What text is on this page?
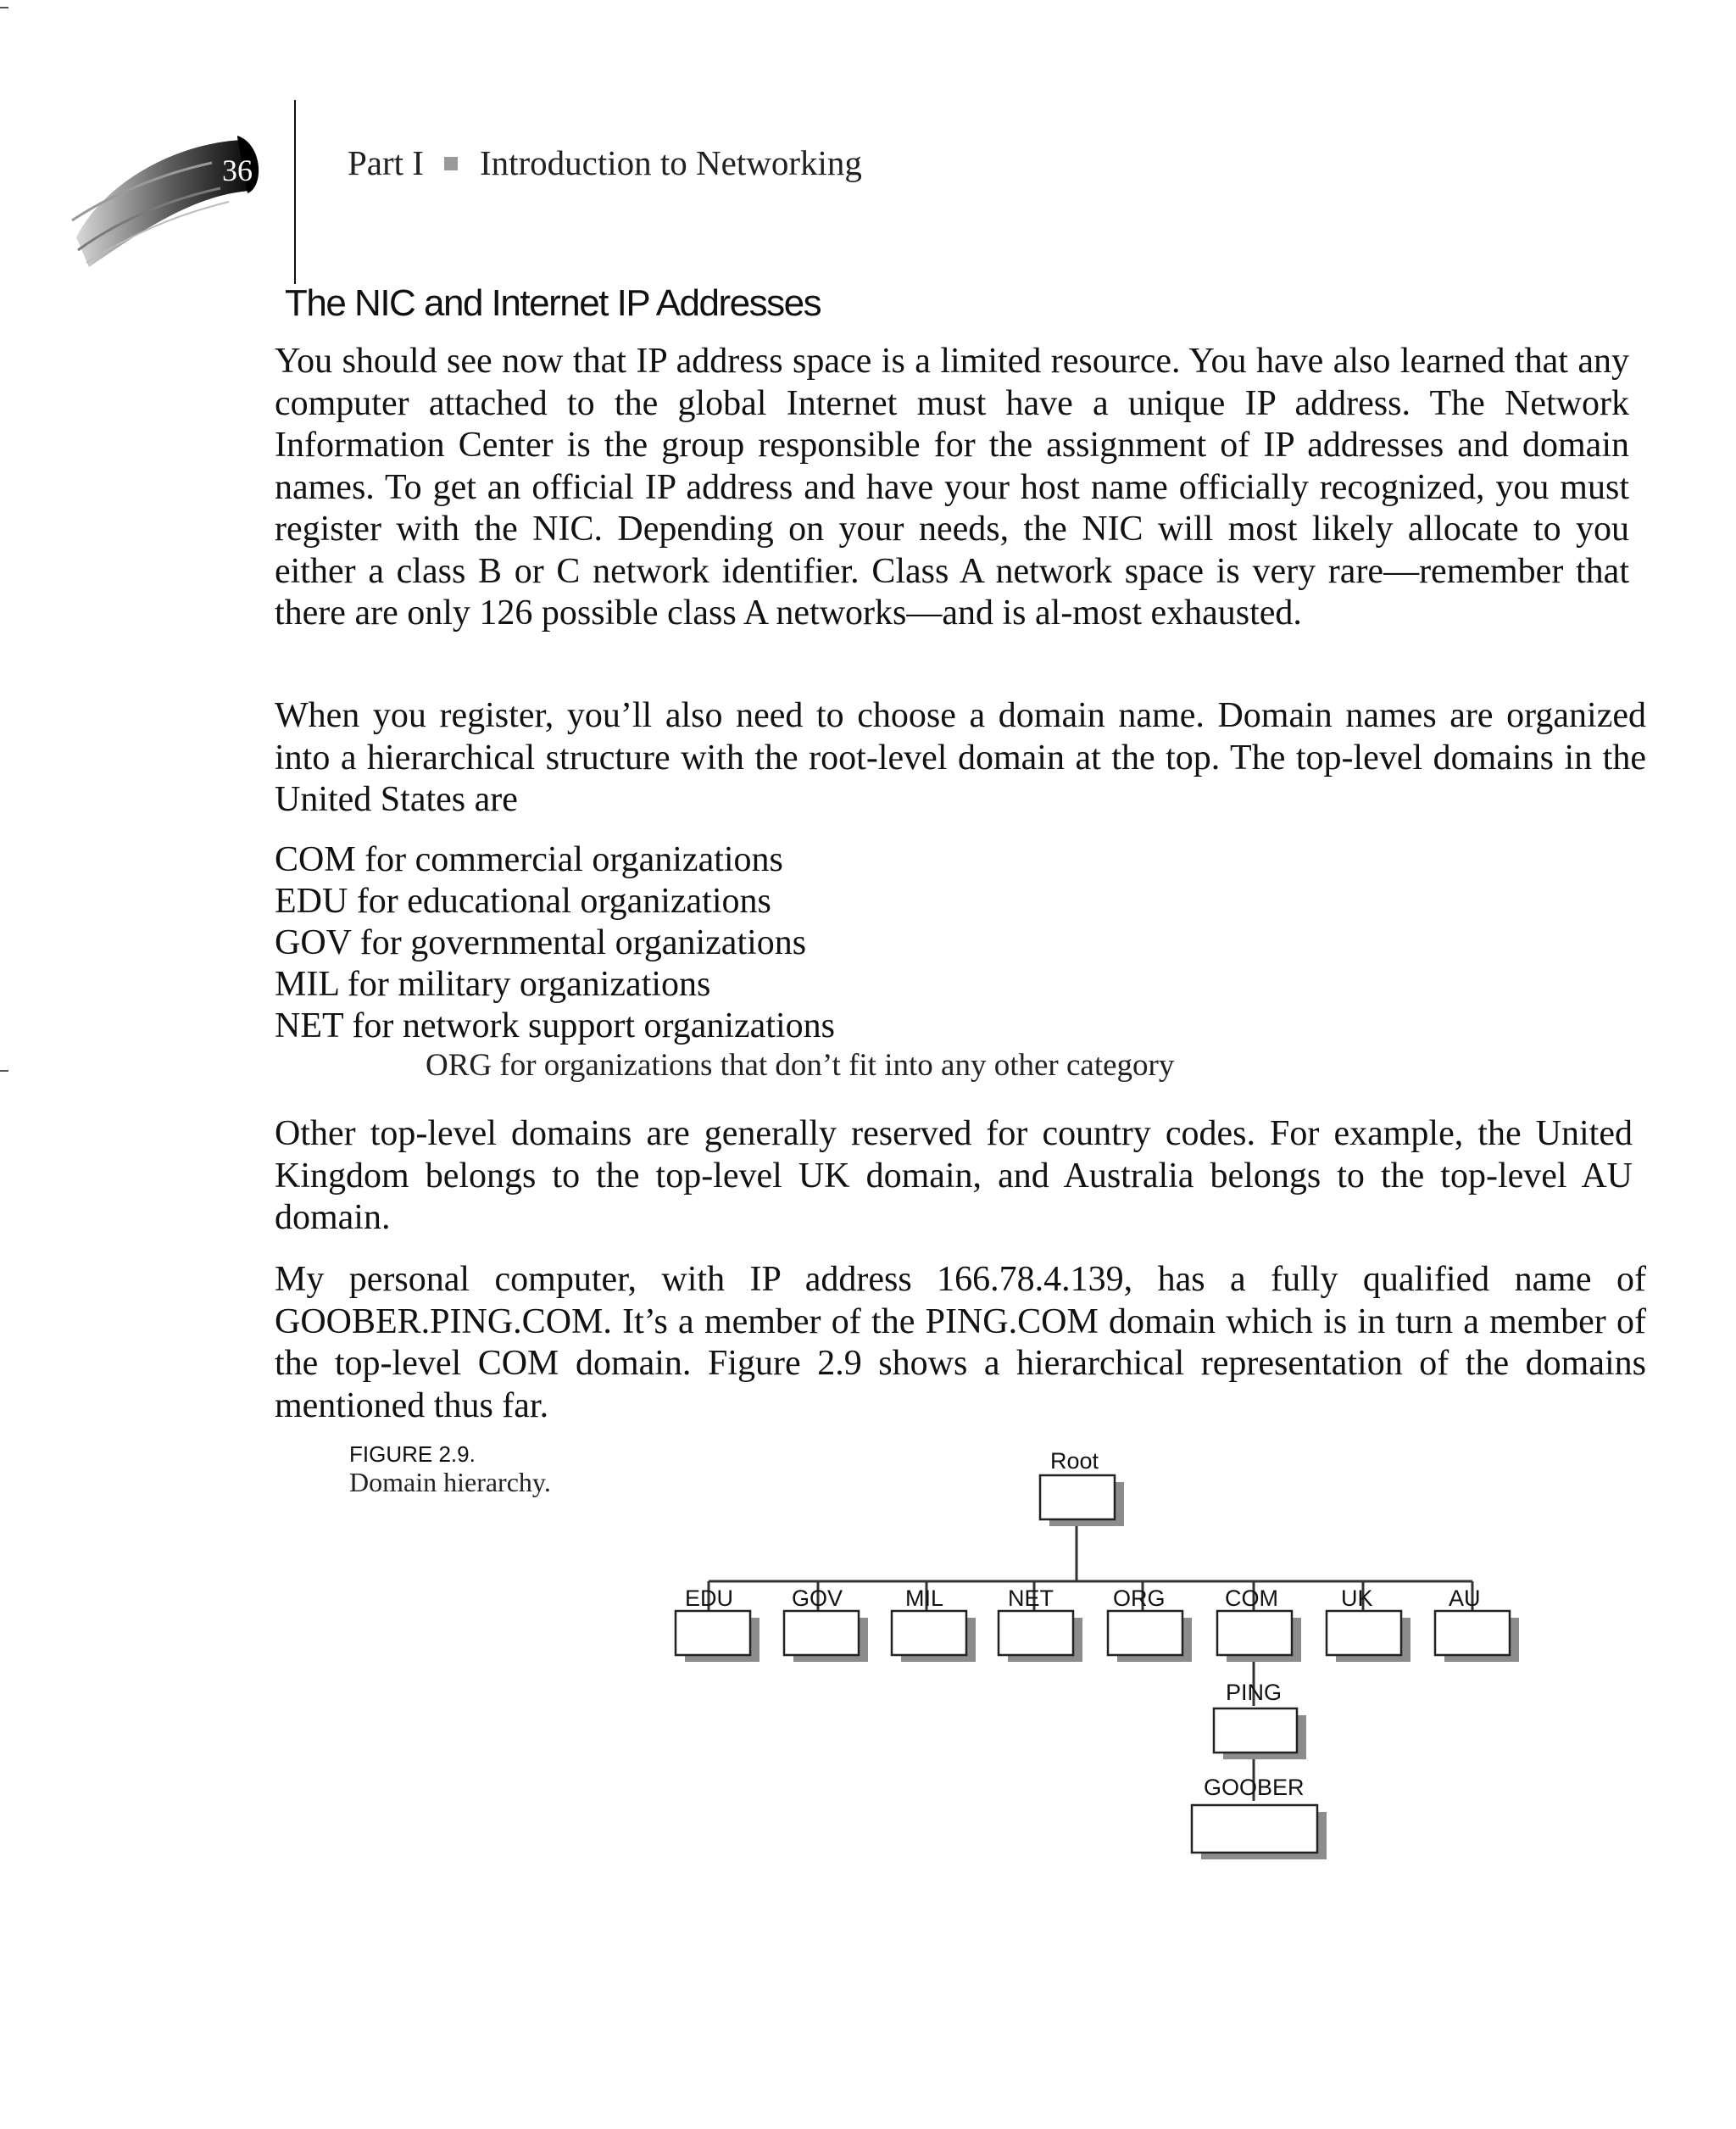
36	Part I Introduction to Networking
The NIC and Internet IP Addresses

You should see now that IP address space is a limited resource. You have also learned that any computer attached to the global Internet must have a unique IP address. The Network Information Center is the group responsible for the assignment of IP addresses and domain names. To get an official IP address and have your host name officially recognized, you must register with the NIC. Depending on your needs, the NIC will most likely allocate to you either a class B or C network identifier. Class A network space is very rare—remember that there are only 126 possible class A networks—and is al-most exhausted.

When you register, you’ll also need to choose a domain name. Domain names are organized into a hierarchical structure with the root-level domain at the top. The top-level domains in the United States are

COM for commercial organizations
EDU for educational organizations
GOV for governmental organizations
MIL for military organizations
NET for network support organizations
ORG for organizations that don’t fit into any other category

Other top-level domains are generally reserved for country codes. For example, the United Kingdom belongs to the top-level UK domain, and Australia belongs to the top-level AU domain.

My personal computer, with IP address 166.78.4.139, has a fully qualified name of GOOBER.PING.COM. It’s a member of the PING.COM domain which is in turn a member of the top-level COM domain. Figure 2.9 shows a hierarchical representation of the domains mentioned thus far.

FIGURE 2.9.
Domain hierarchy.
Root
EDU	GOV	MIL	NET	ORG	COM	UK	AU
PING
GOOBER
